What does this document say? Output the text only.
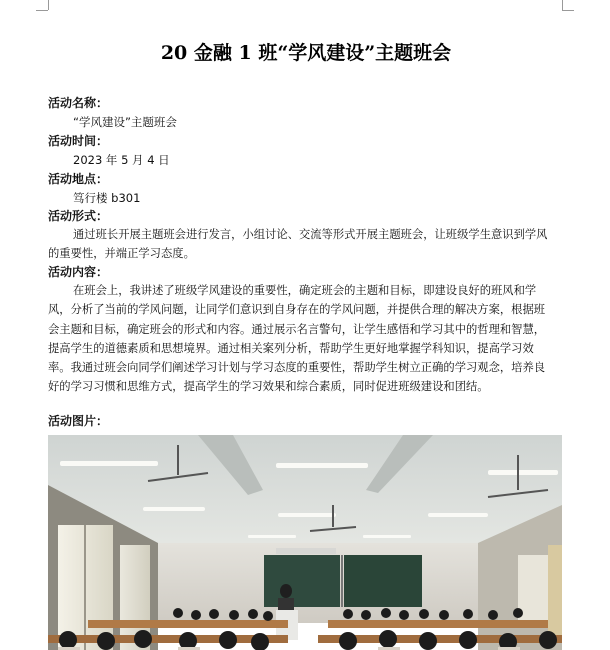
20 金融 1 班“学风建设”主题班会
活动名称：
“学风建设”主题班会
活动时间：
2023 年 5 月 4 日
活动地点：
笃行楼 b301
活动形式：
通过班长开展主题班会进行发言，小组讨论、交流等形式开展主题班会，让班级学生意识到学风的重要性，并端正学习态度。
活动内容：
在班会上，我讲述了班级学风建设的重要性，确定班会的主题和目标，即建设良好的班风和学风，分析了当前的学风问题，让同学们意识到自身存在的学风问题，并提供合理的解决方案，根据班会主题和目标，确定班会的形式和内容。通过展示名言警句，让学生感悟和学习其中的哲理和智慧，提高学生的道德素质和思想境界。通过相关案列分析，帮助学生更好地掌握学科知识，提高学习效率。我通过班会向同学们阐述学习计划与学习态度的重要性，帮助学生树立正确的学习观念，培养良好的学习习惯和思维方式，提高学生的学习效果和综合素质，同时促进班级建设和团结。
活动图片：
